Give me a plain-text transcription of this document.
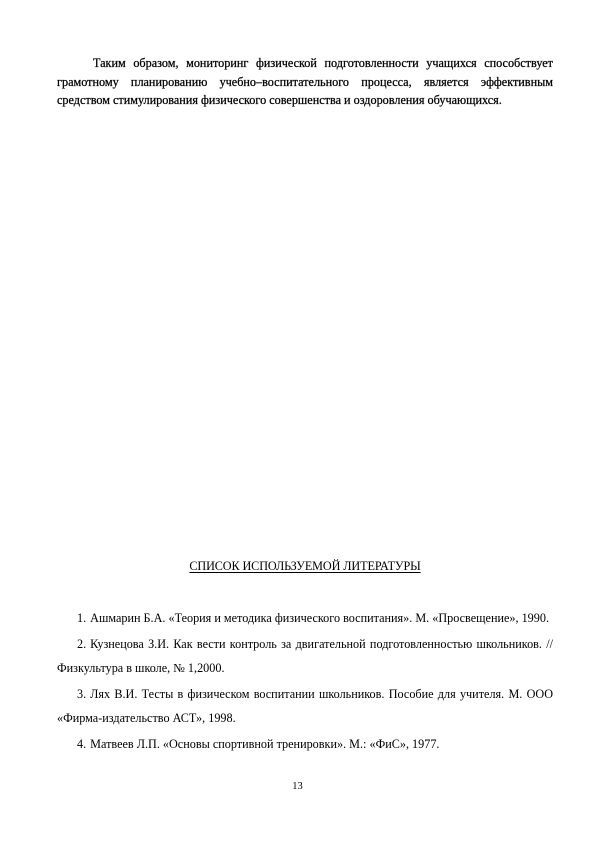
Таким образом, мониторинг физической подготовленности учащихся способствует грамотному планированию учебно–воспитательного процесса, является эффективным средством стимулирования физического совершенства и оздоровления обучающихся.

СПИСОК ИСПОЛЬЗУЕМОЙ ЛИТЕРАТУРЫ
1. Ашмарин Б.А. «Теория и методика физического воспитания». М. «Просвещение», 1990.
2. Кузнецова З.И. Как вести контроль за двигательной подготовленностью школьников. // Физкультура в школе, № 1,2000.
3. Лях В.И. Тесты в физическом воспитании школьников. Пособие для учителя. М. ООО «Фирма-издательство АСТ», 1998.
4. Матвеев Л.П. «Основы спортивной тренировки». М.: «ФиС», 1977.
13
